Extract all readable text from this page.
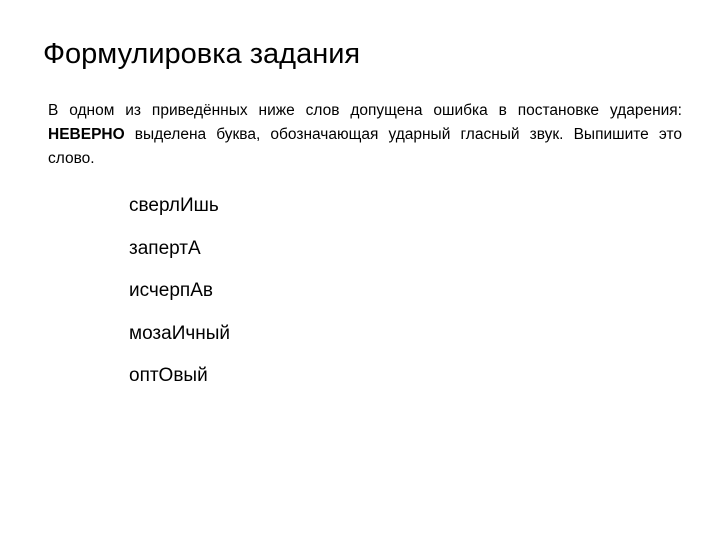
Формулировка задания

В одном из приведённых ниже слов допущена ошибка в постановке ударения: НЕВЕРНО выделена буква, обозначающая ударный гласный звук. Выпишите это слово.

сверлИшь
запертА
исчерпАв
мозаИчный
оптОвый
